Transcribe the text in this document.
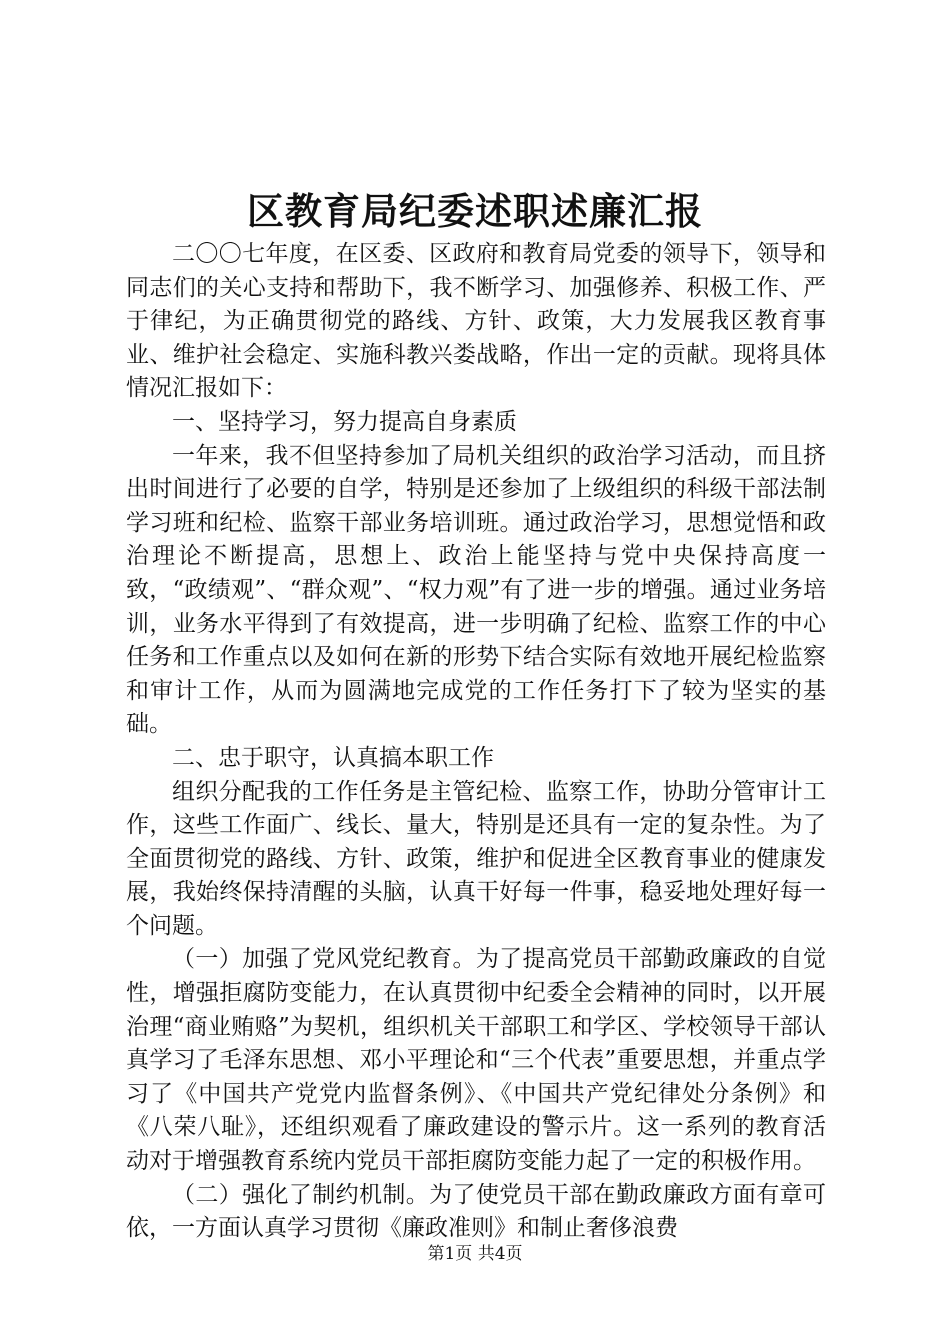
区教育局纪委述职述廉汇报

二〇〇七年度，在区委、区政府和教育局党委的领导下，领导和同志们的关心支持和帮助下，我不断学习、加强修养、积极工作、严于律纪，为正确贯彻党的路线、方针、政策，大力发展我区教育事业、维护社会稳定、实施科教兴娄战略，作出一定的贡献。现将具体情况汇报如下：

一、坚持学习，努力提高自身素质

一年来，我不但坚持参加了局机关组织的政治学习活动，而且挤出时间进行了必要的自学，特别是还参加了上级组织的科级干部法制学习班和纪检、监察干部业务培训班。通过政治学习，思想觉悟和政治理论不断提高，思想上、政治上能坚持与党中央保持高度一致，“政绩观”、“群众观”、“权力观”有了进一步的增强。通过业务培训，业务水平得到了有效提高，进一步明确了纪检、监察工作的中心任务和工作重点以及如何在新的形势下结合实际有效地开展纪检监察和审计工作，从而为圆满地完成党的工作任务打下了较为坚实的基础。

二、忠于职守，认真搞本职工作

组织分配我的工作任务是主管纪检、监察工作，协助分管审计工作，这些工作面广、线长、量大，特别是还具有一定的复杂性。为了全面贯彻党的路线、方针、政策，维护和促进全区教育事业的健康发展，我始终保持清醒的头脑，认真干好每一件事，稳妥地处理好每一个问题。

（一）加强了党风党纪教育。为了提高党员干部勤政廉政的自觉性，增强拒腐防变能力，在认真贯彻中纪委全会精神的同时，以开展治理“商业贿赂”为契机，组织机关干部职工和学区、学校领导干部认真学习了毛泽东思想、邓小平理论和“三个代表”重要思想，并重点学习了《中国共产党党内监督条例》、《中国共产党纪律处分条例》和《八荣八耻》，还组织观看了廉政建设的警示片。这一系列的教育活动对于增强教育系统内党员干部拒腐防变能力起了一定的积极作用。

（二）强化了制约机制。为了使党员干部在勤政廉政方面有章可依，一方面认真学习贯彻《廉政准则》和制止奢侈浪费

第1页 共4页
